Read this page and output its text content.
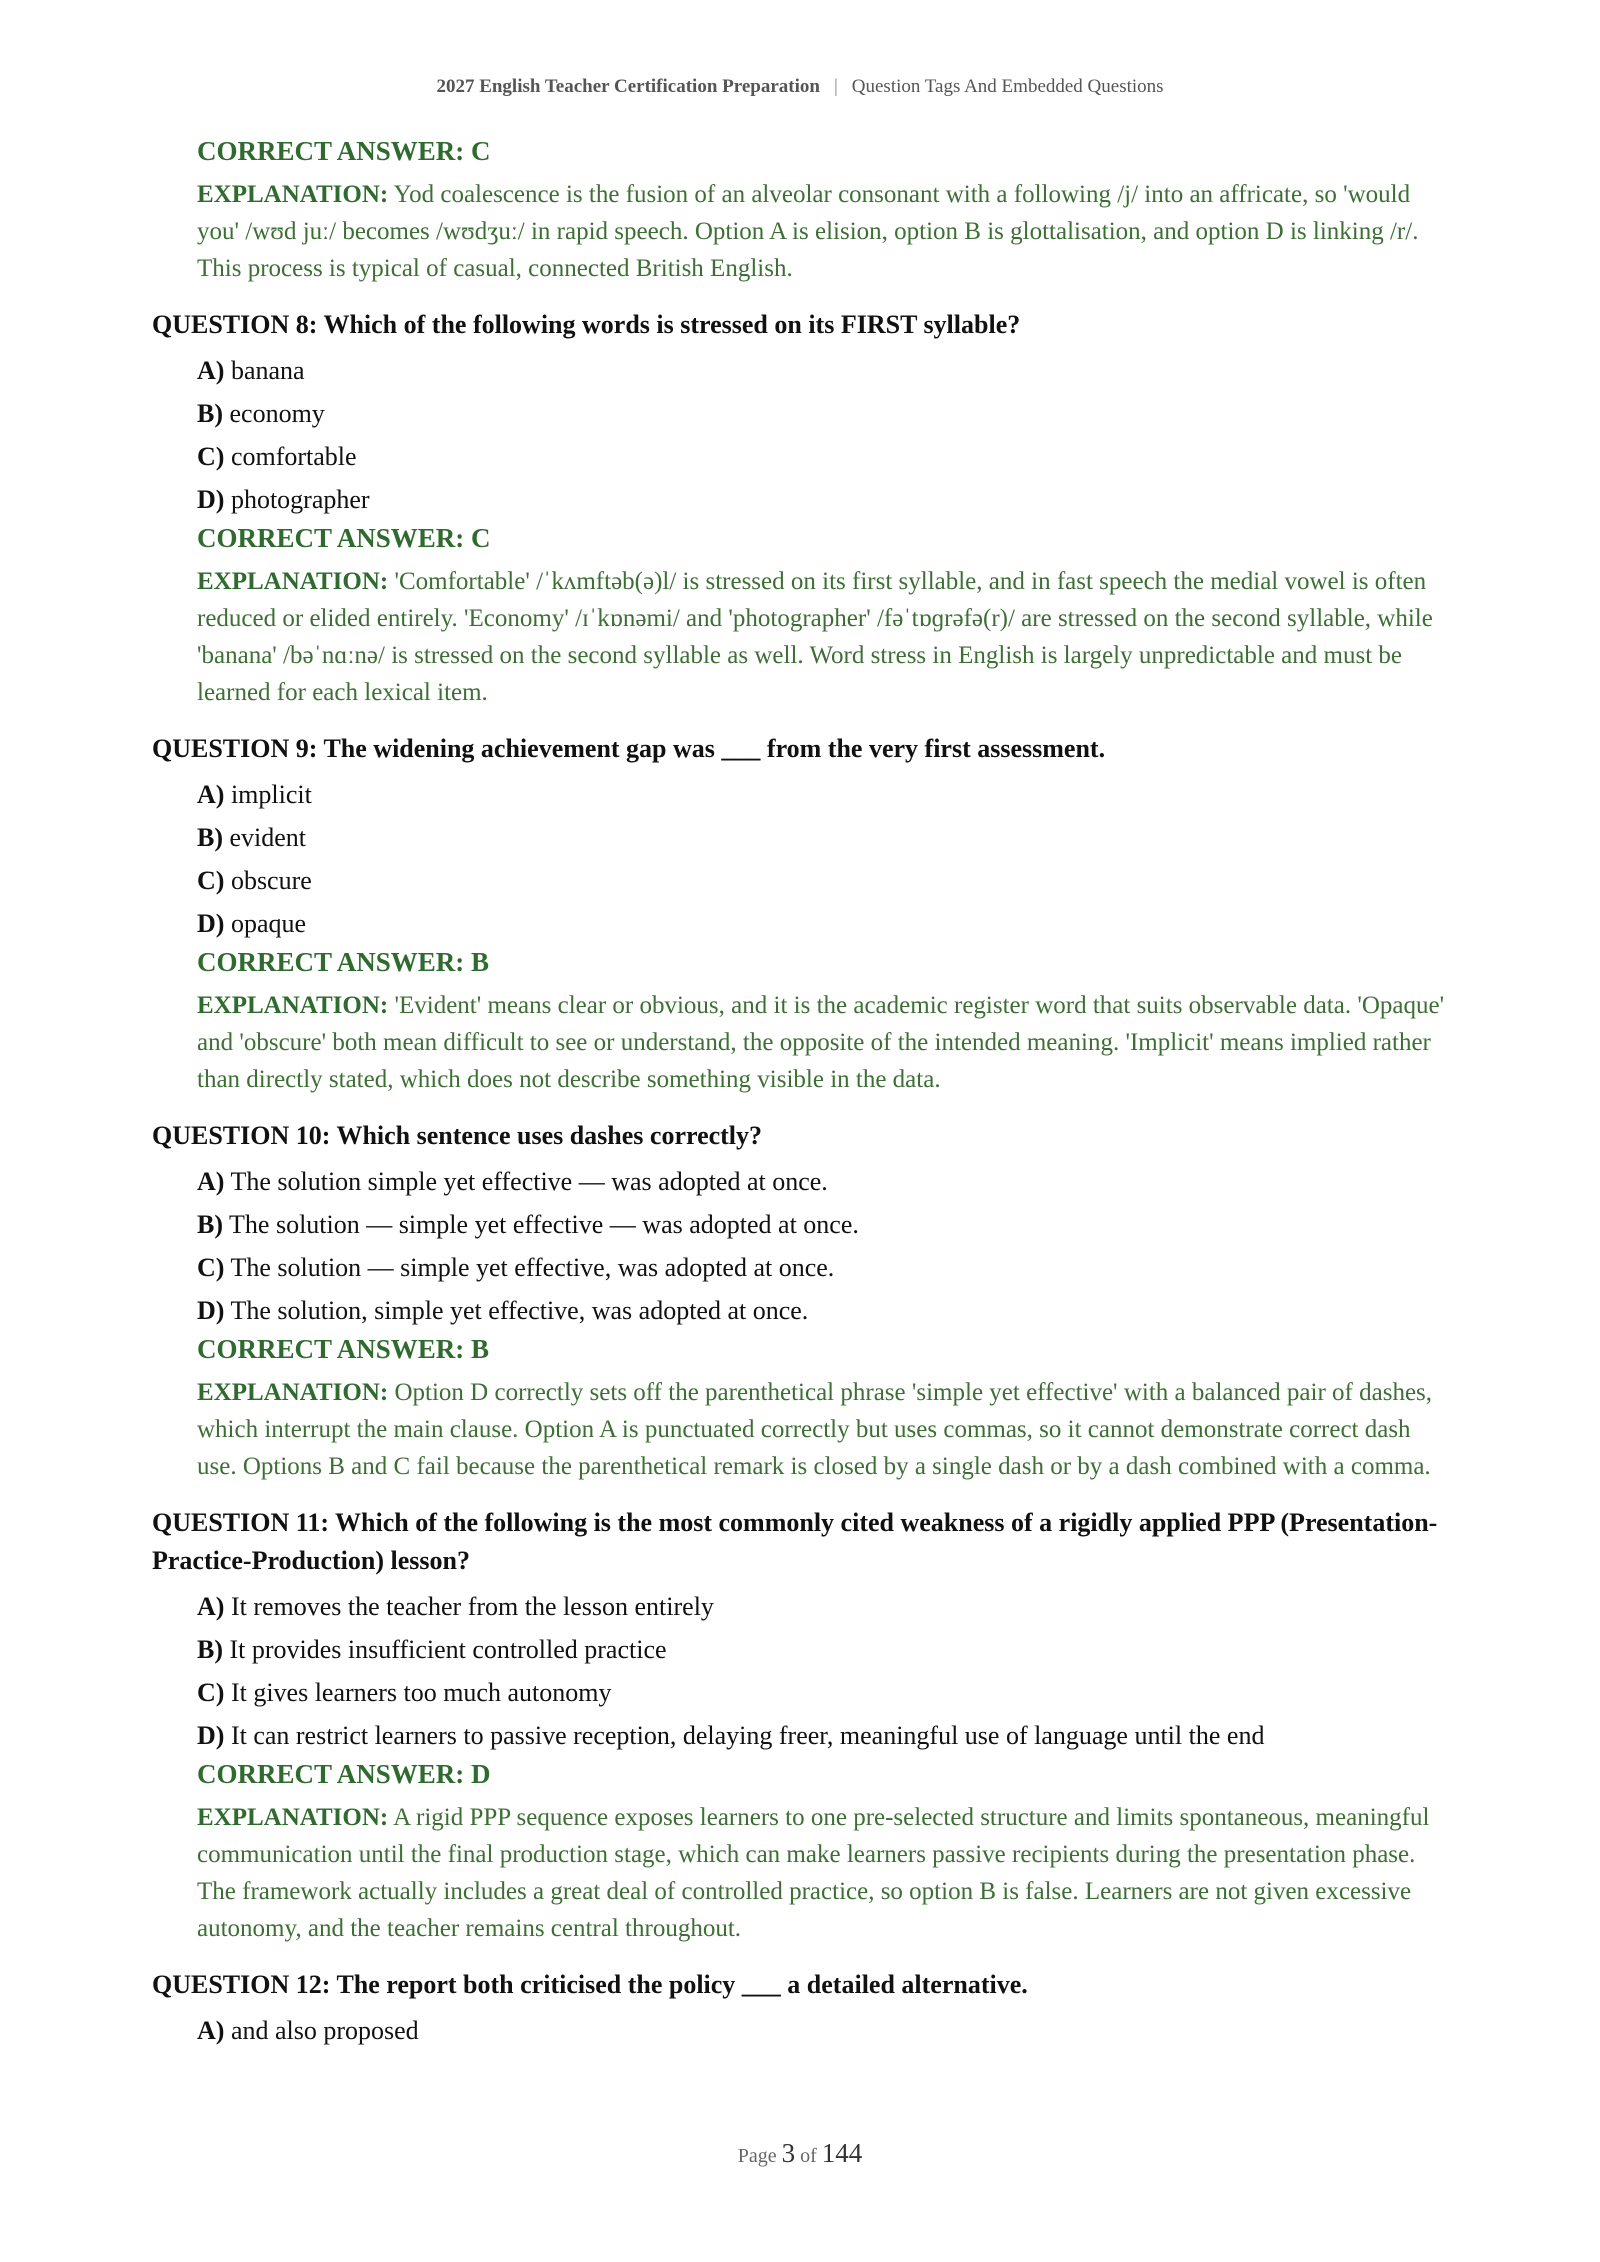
2027 English Teacher Certification Preparation | Question Tags And Embedded Questions

CORRECT ANSWER: C

EXPLANATION: Yod coalescence is the fusion of an alveolar consonant with a following /j/ into an affricate, so 'would you' /wʊd juː/ becomes /wʊdʒuː/ in rapid speech. Option A is elision, option B is glottalisation, and option D is linking /r/. This process is typical of casual, connected British English.

QUESTION 8: Which of the following words is stressed on its FIRST syllable?

A) banana
B) economy
C) comfortable
D) photographer

CORRECT ANSWER: C

EXPLANATION: 'Comfortable' /ˈkʌmftəb(ə)l/ is stressed on its first syllable, and in fast speech the medial vowel is often reduced or elided entirely. 'Economy' /ɪˈkɒnəmi/ and 'photographer' /fəˈtɒɡrəfə(r)/ are stressed on the second syllable, while 'banana' /bəˈnɑːnə/ is stressed on the second syllable as well. Word stress in English is largely unpredictable and must be learned for each lexical item.

QUESTION 9: The widening achievement gap was ___ from the very first assessment.

A) implicit
B) evident
C) obscure
D) opaque

CORRECT ANSWER: B

EXPLANATION: 'Evident' means clear or obvious, and it is the academic register word that suits observable data. 'Opaque' and 'obscure' both mean difficult to see or understand, the opposite of the intended meaning. 'Implicit' means implied rather than directly stated, which does not describe something visible in the data.

QUESTION 10: Which sentence uses dashes correctly?

A) The solution simple yet effective — was adopted at once.
B) The solution — simple yet effective — was adopted at once.
C) The solution — simple yet effective, was adopted at once.
D) The solution, simple yet effective, was adopted at once.

CORRECT ANSWER: B

EXPLANATION: Option D correctly sets off the parenthetical phrase 'simple yet effective' with a balanced pair of dashes, which interrupt the main clause. Option A is punctuated correctly but uses commas, so it cannot demonstrate correct dash use. Options B and C fail because the parenthetical remark is closed by a single dash or by a dash combined with a comma.

QUESTION 11: Which of the following is the most commonly cited weakness of a rigidly applied PPP (Presentation-Practice-Production) lesson?

A) It removes the teacher from the lesson entirely
B) It provides insufficient controlled practice
C) It gives learners too much autonomy
D) It can restrict learners to passive reception, delaying freer, meaningful use of language until the end

CORRECT ANSWER: D

EXPLANATION: A rigid PPP sequence exposes learners to one pre-selected structure and limits spontaneous, meaningful communication until the final production stage, which can make learners passive recipients during the presentation phase. The framework actually includes a great deal of controlled practice, so option B is false. Learners are not given excessive autonomy, and the teacher remains central throughout.

QUESTION 12: The report both criticised the policy ___ a detailed alternative.

A) and also proposed
Page 3 of 144
